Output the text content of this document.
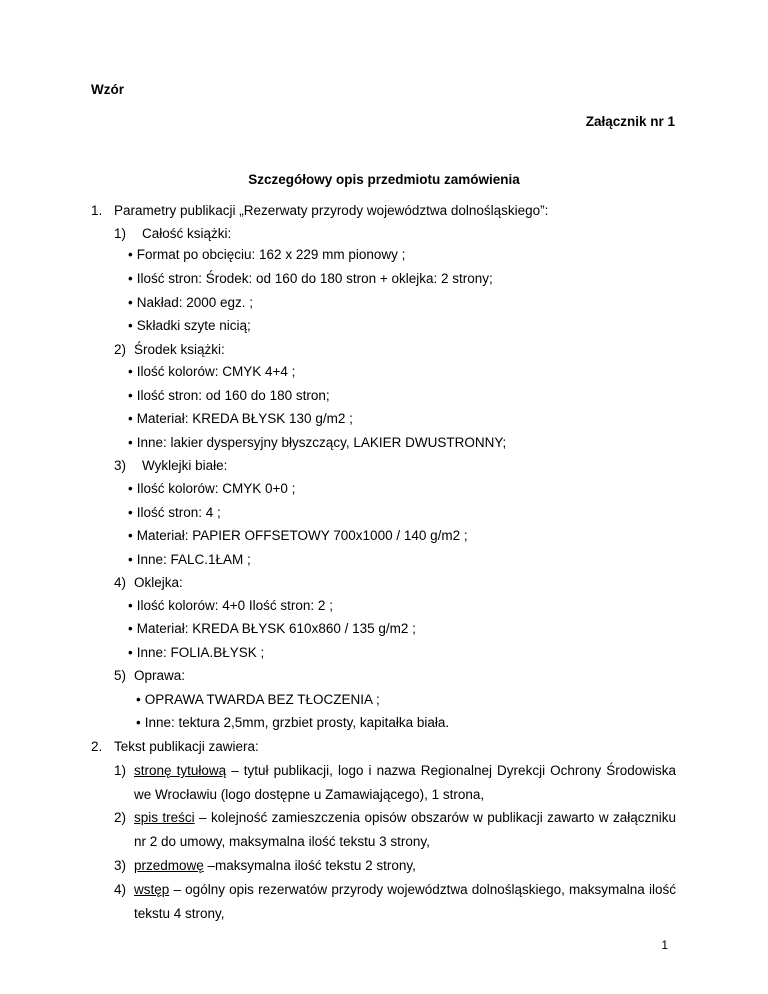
Wzór
Załącznik nr 1
Szczegółowy opis przedmiotu zamówienia
1. Parametry publikacji „Rezerwaty przyrody województwa dolnośląskiego”:
1) Całość książki:
• Format po obcięciu: 162 x 229 mm pionowy ;
• Ilość stron: Środek: od 160 do 180 stron + oklejka: 2 strony;
• Nakład: 2000 egz. ;
• Składki szyte nicią;
2) Środek książki:
• Ilość kolorów: CMYK 4+4 ;
• Ilość stron: od 160 do 180 stron;
• Materiał: KREDA BŁYSK 130 g/m2 ;
• Inne: lakier dyspersyjny błyszczący, LAKIER DWUSTRONNY;
3) Wyklejki białe:
• Ilość kolorów: CMYK 0+0 ;
• Ilość stron: 4 ;
• Materiał: PAPIER OFFSETOWY 700x1000 / 140 g/m2 ;
• Inne: FALC.1ŁAM ;
4) Oklejka:
• Ilość kolorów: 4+0 Ilość stron: 2 ;
• Materiał: KREDA BŁYSK 610x860 / 135 g/m2 ;
• Inne: FOLIA.BŁYSK ;
5) Oprawa:
• OPRAWA TWARDA BEZ TŁOCZENIA ;
• Inne: tektura 2,5mm, grzbiet prosty, kapitałka biała.
2. Tekst publikacji zawiera:
1) stronę tytułową – tytuł publikacji, logo i nazwa Regionalnej Dyrekcji Ochrony Środowiska
we Wrocławiu (logo dostępne u Zamawiającego), 1 strona,
2) spis treści – kolejność zamieszczenia opisów obszarów w publikacji zawarto w załączniku
nr 2 do umowy, maksymalna ilość tekstu 3 strony,
3) przedmowę –maksymalna ilość tekstu 2 strony,
4) wstęp – ogólny opis rezerwatów przyrody województwa dolnośląskiego, maksymalna ilość
tekstu 4 strony,
1
